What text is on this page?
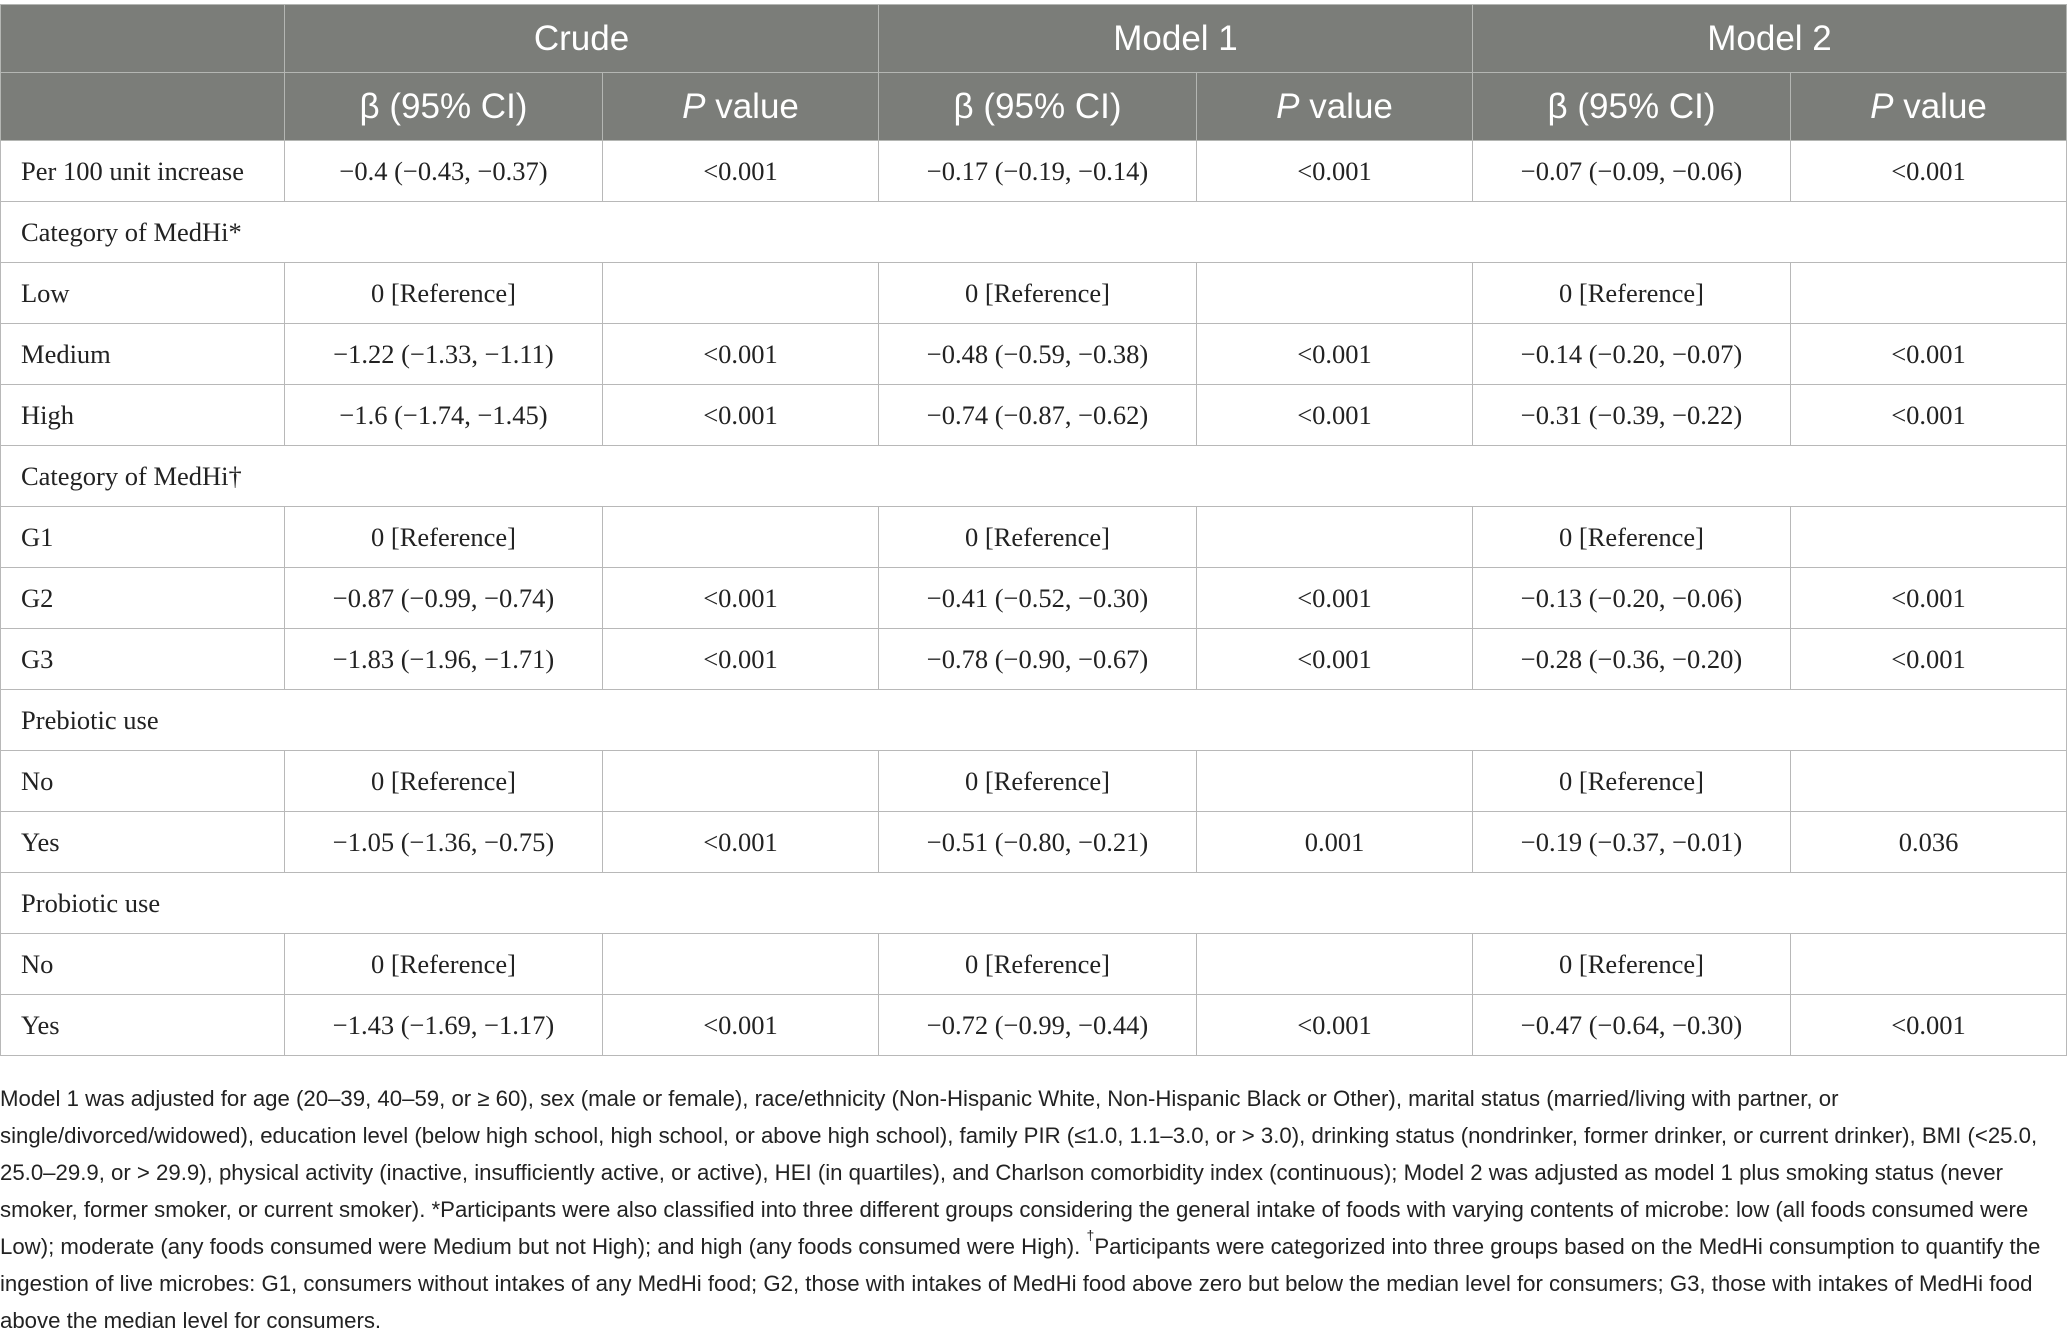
	Crude		Model 1		Model 2	
	β (95% CI)	P value	β (95% CI)	P value	β (95% CI)	P value
Per 100 unit increase	−0.4 (−0.43, −0.37)	<0.001	−0.17 (−0.19, −0.14)	<0.001	−0.07 (−0.09, −0.06)	<0.001
Category of MedHi*						
Low	0 [Reference]		0 [Reference]		0 [Reference]	
Medium	−1.22 (−1.33, −1.11)	<0.001	−0.48 (−0.59, −0.38)	<0.001	−0.14 (−0.20, −0.07)	<0.001
High	−1.6 (−1.74, −1.45)	<0.001	−0.74 (−0.87, −0.62)	<0.001	−0.31 (−0.39, −0.22)	<0.001
Category of MedHi†						
G1	0 [Reference]		0 [Reference]		0 [Reference]	
G2	−0.87 (−0.99, −0.74)	<0.001	−0.41 (−0.52, −0.30)	<0.001	−0.13 (−0.20, −0.06)	<0.001
G3	−1.83 (−1.96, −1.71)	<0.001	−0.78 (−0.90, −0.67)	<0.001	−0.28 (−0.36, −0.20)	<0.001
Prebiotic use						
No	0 [Reference]		0 [Reference]		0 [Reference]	
Yes	−1.05 (−1.36, −0.75)	<0.001	−0.51 (−0.80, −0.21)	0.001	−0.19 (−0.37, −0.01)	0.036
Probiotic use						
No	0 [Reference]		0 [Reference]		0 [Reference]	
Yes	−1.43 (−1.69, −1.17)	<0.001	−0.72 (−0.99, −0.44)	<0.001	−0.47 (−0.64, −0.30)	<0.001

Model 1 was adjusted for age (20–39, 40–59, or ≥ 60), sex (male or female), race/ethnicity (Non-Hispanic White, Non-Hispanic Black or Other), marital status (married/living with partner, or single/divorced/widowed), education level (below high school, high school, or above high school), family PIR (≤1.0, 1.1–3.0, or > 3.0), drinking status (nondrinker, former drinker, or current drinker), BMI (<25.0, 25.0–29.9, or > 29.9), physical activity (inactive, insufficiently active, or active), HEI (in quartiles), and Charlson comorbidity index (continuous); Model 2 was adjusted as model 1 plus smoking status (never smoker, former smoker, or current smoker). *Participants were also classified into three different groups considering the general intake of foods with varying contents of microbe: low (all foods consumed were Low); moderate (any foods consumed were Medium but not High); and high (any foods consumed were High). †Participants were categorized into three groups based on the MedHi consumption to quantify the ingestion of live microbes: G1, consumers without intakes of any MedHi food; G2, those with intakes of MedHi food above zero but below the median level for consumers; G3, those with intakes of MedHi food above the median level for consumers.
